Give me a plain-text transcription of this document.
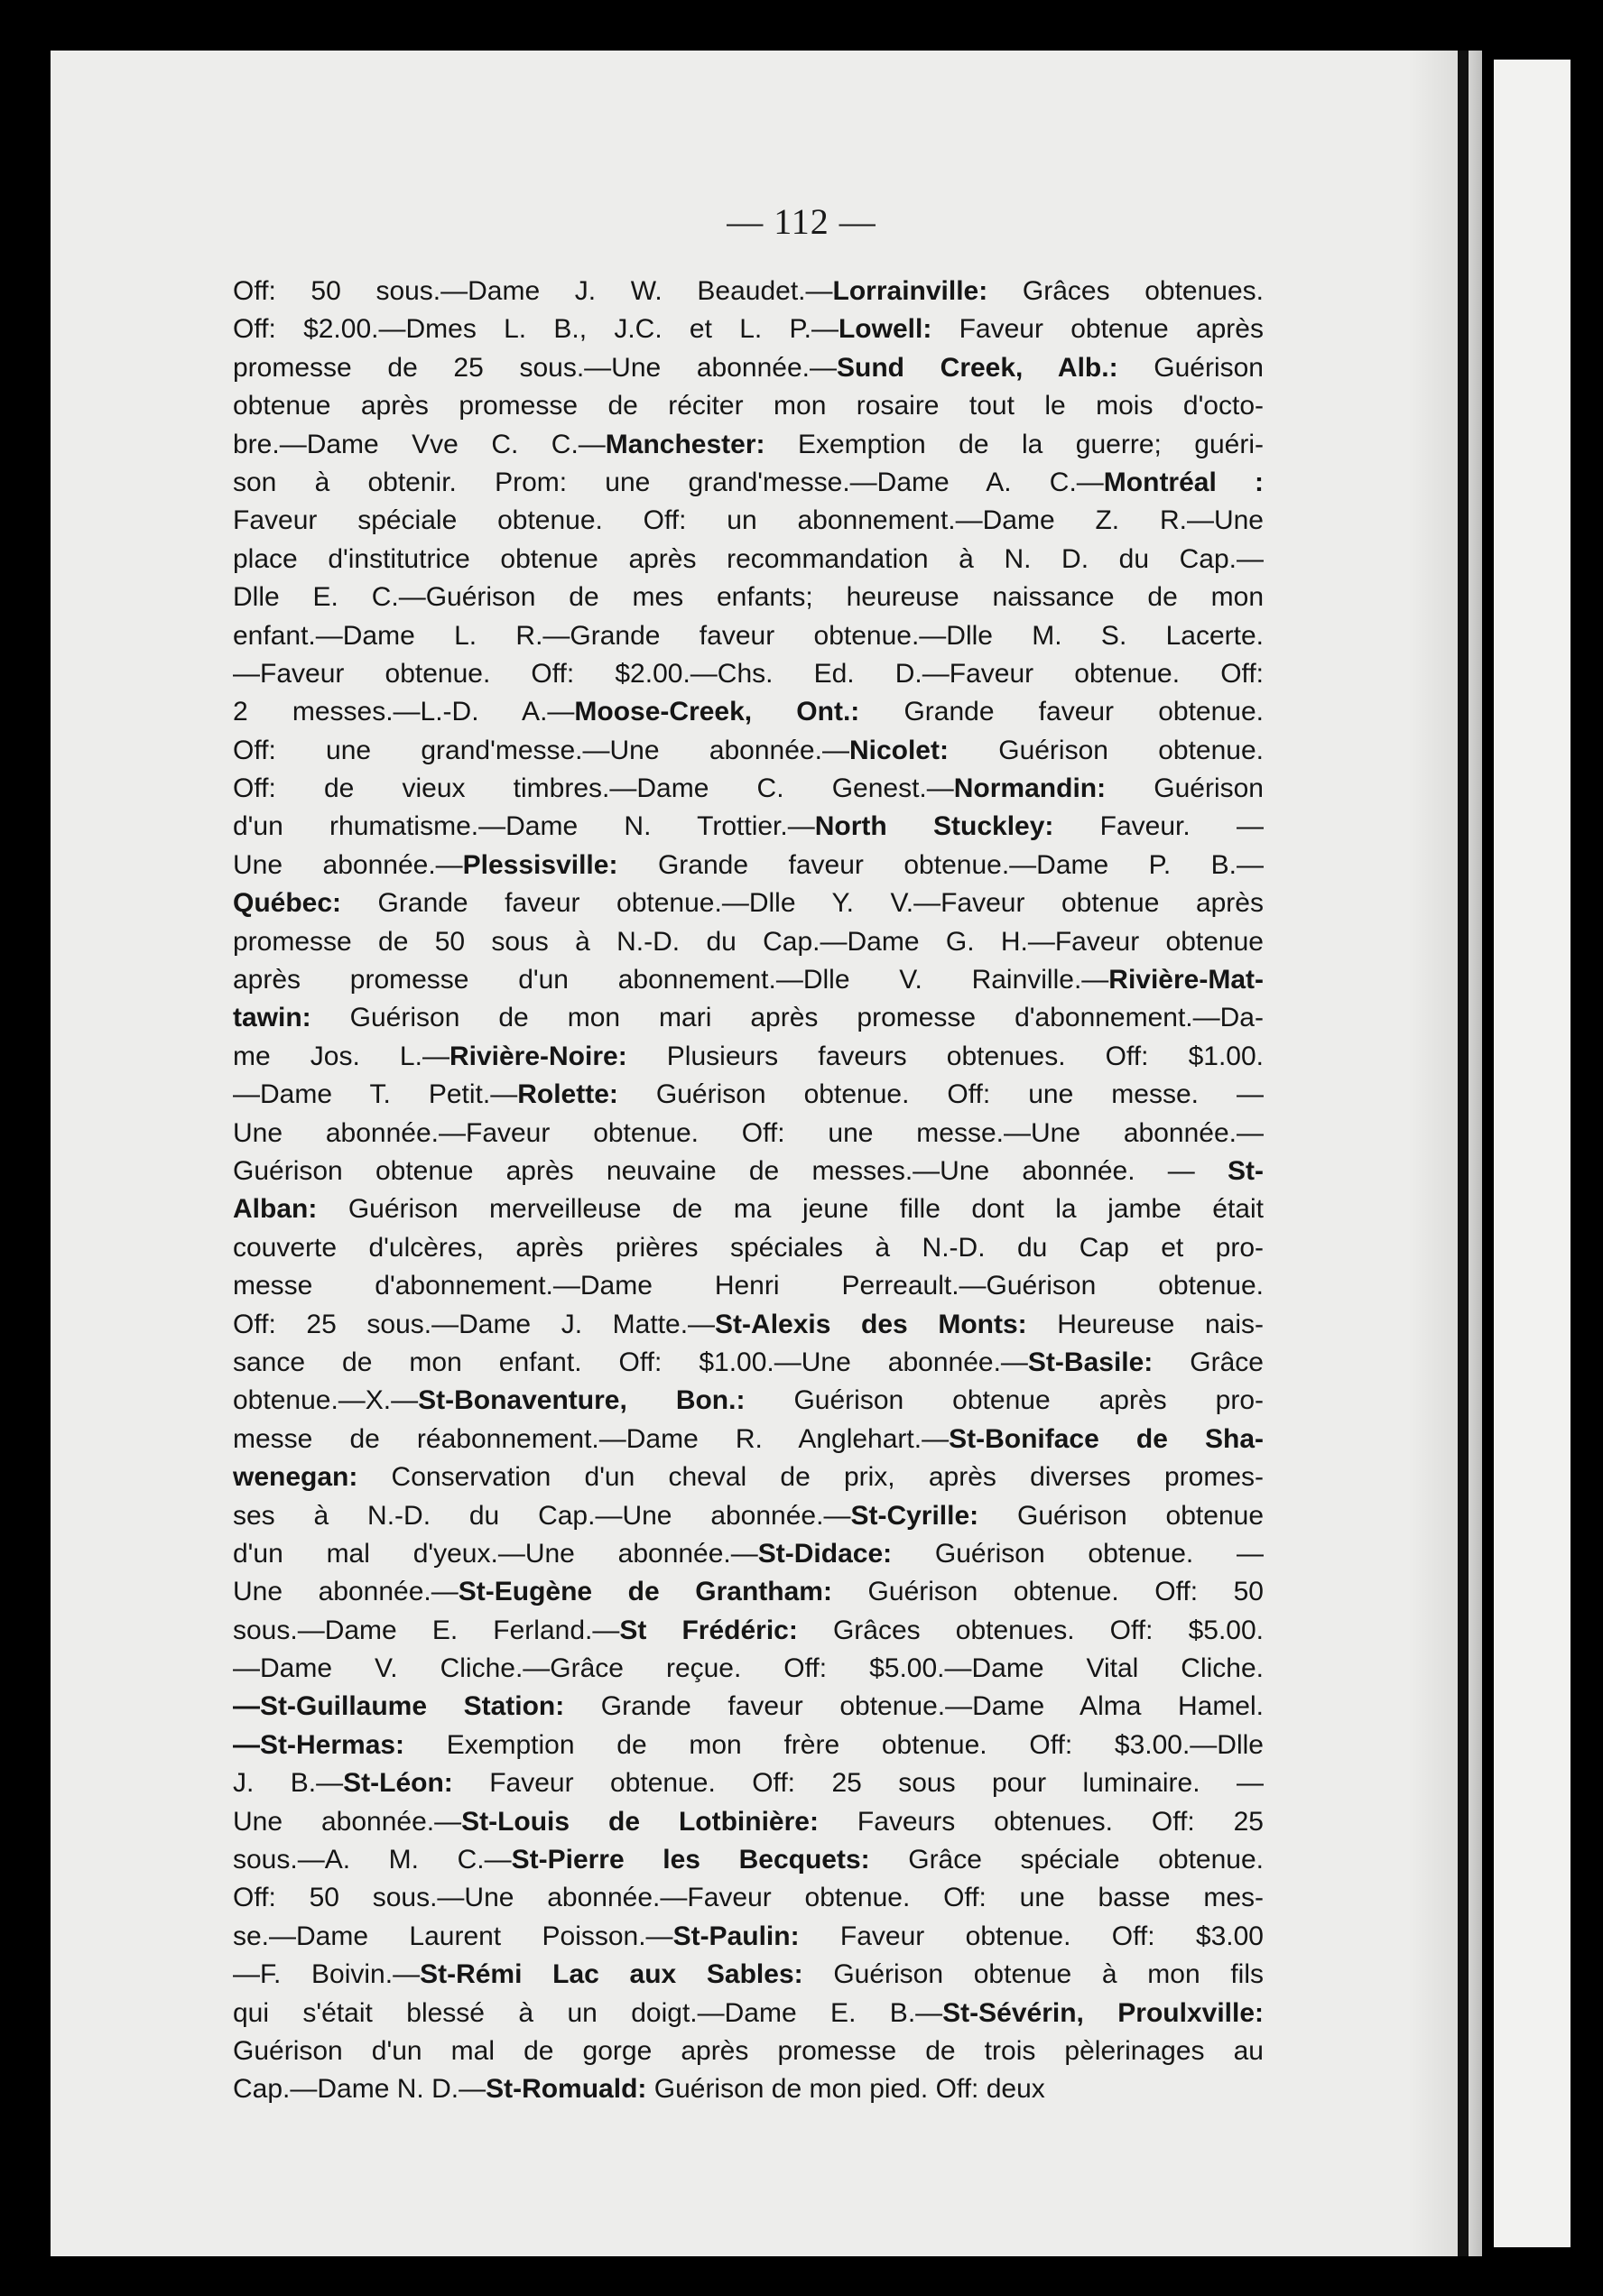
— 112 —
Off: 50 sous.—Dame J. W. Beaudet.—Lorrainville: Grâces obtenues.
Off: $2.00.—Dmes L. B., J.C. et L. P.—Lowell: Faveur obtenue après
promesse de 25 sous.—Une abonnée.—Sund Creek, Alb.: Guérison
obtenue après promesse de réciter mon rosaire tout le mois d'octo-
bre.—Dame Vve C. C.—Manchester: Exemption de la guerre; guéri-
son à obtenir. Prom: une grand'messe.—Dame A. C.—Montréal :
Faveur spéciale obtenue. Off: un abonnement.—Dame Z. R.—Une
place d'institutrice obtenue après recommandation à N. D. du Cap.—
Dlle E. C.—Guérison de mes enfants; heureuse naissance de mon
enfant.—Dame L. R.—Grande faveur obtenue.—Dlle M. S. Lacerte.
—Faveur obtenue. Off: $2.00.—Chs. Ed. D.—Faveur obtenue. Off:
2 messes.—L.-D. A.—Moose-Creek, Ont.: Grande faveur obtenue.
Off: une grand'messe.—Une abonnée.—Nicolet: Guérison obtenue.
Off: de vieux timbres.—Dame C. Genest.—Normandin: Guérison
d'un rhumatisme.—Dame N. Trottier.—North Stuckley: Faveur. —
Une abonnée.—Plessisville: Grande faveur obtenue.—Dame P. B.—
Québec: Grande faveur obtenue.—Dlle Y. V.—Faveur obtenue après
promesse de 50 sous à N.-D. du Cap.—Dame G. H.—Faveur obtenue
après promesse d'un abonnement.—Dlle V. Rainville.—Rivière-Mat-
tawin: Guérison de mon mari après promesse d'abonnement.—Da-
me Jos. L.—Rivière-Noire: Plusieurs faveurs obtenues. Off: $1.00.
—Dame T. Petit.—Rolette: Guérison obtenue. Off: une messe. —
Une abonnée.—Faveur obtenue. Off: une messe.—Une abonnée.—
Guérison obtenue après neuvaine de messes.—Une abonnée. — St-
Alban: Guérison merveilleuse de ma jeune fille dont la jambe était
couverte d'ulcères, après prières spéciales à N.-D. du Cap et pro-
messe d'abonnement.—Dame Henri Perreault.—Guérison obtenue.
Off: 25 sous.—Dame J. Matte.—St-Alexis des Monts: Heureuse nais-
sance de mon enfant. Off: $1.00.—Une abonnée.—St-Basile: Grâce
obtenue.—X.—St-Bonaventure, Bon.: Guérison obtenue après pro-
messe de réabonnement.—Dame R. Anglehart.—St-Boniface de Sha-
wenegan: Conservation d'un cheval de prix, après diverses promes-
ses à N.-D. du Cap.—Une abonnée.—St-Cyrille: Guérison obtenue
d'un mal d'yeux.—Une abonnée.—St-Didace: Guérison obtenue. —
Une abonnée.—St-Eugène de Grantham: Guérison obtenue. Off: 50
sous.—Dame E. Ferland.—St Frédéric: Grâces obtenues. Off: $5.00.
—Dame V. Cliche.—Grâce reçue. Off: $5.00.—Dame Vital Cliche.
—St-Guillaume Station: Grande faveur obtenue.—Dame Alma Hamel.
—St-Hermas: Exemption de mon frère obtenue. Off: $3.00.—Dlle
J. B.—St-Léon: Faveur obtenue. Off: 25 sous pour luminaire. —
Une abonnée.—St-Louis de Lotbinière: Faveurs obtenues. Off: 25
sous.—A. M. C.—St-Pierre les Becquets: Grâce spéciale obtenue.
Off: 50 sous.—Une abonnée.—Faveur obtenue. Off: une basse mes-
se.—Dame Laurent Poisson.—St-Paulin: Faveur obtenue. Off: $3.00
—F. Boivin.—St-Rémi Lac aux Sables: Guérison obtenue à mon fils
qui s'était blessé à un doigt.—Dame E. B.—St-Sévérin, Proulxville:
Guérison d'un mal de gorge après promesse de trois pèlerinages au
Cap.—Dame N. D.—St-Romuald: Guérison de mon pied. Off: deux
